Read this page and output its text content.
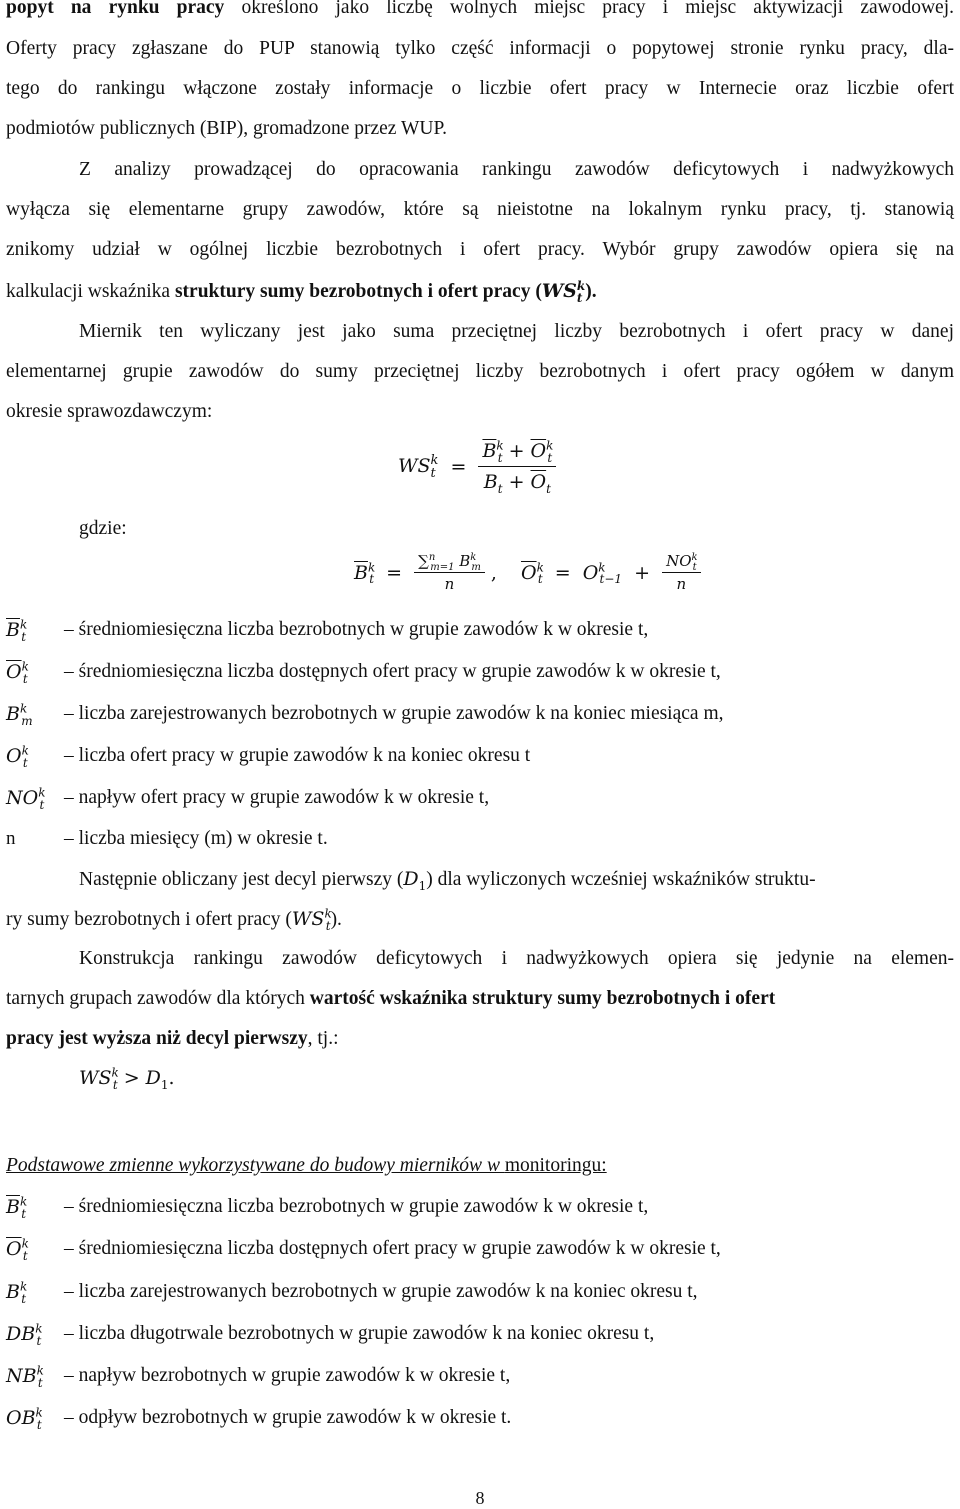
popyt na rynku pracy określono jako liczbę wolnych miejsc pracy i miejsc aktywizacji zawodowej.
Oferty pracy zgłaszane do PUP stanowią tylko część informacji o popytowej stronie rynku pracy, dla-
tego do rankingu włączone zostały informacje o liczbie ofert pracy w Internecie oraz liczbie ofert
podmiotów publicznych (BIP), gromadzone przez WUP.
Z analizy prowadzącej do opracowania rankingu zawodów deficytowych i nadwyżkowych
wyłącza się elementarne grupy zawodów, które są nieistotne na lokalnym rynku pracy, tj. stanowią
znikomy udział w ogólnej liczbie bezrobotnych i ofert pracy. Wybór grupy zawodów opiera się na
kalkulacji wskaźnika struktury sumy bezrobotnych i ofert pracy (WS k
t ).
Miernik ten wyliczany jest jako suma przeciętnej liczby bezrobotnych i ofert pracy w danej
elementarnej grupie zawodów do sumy przeciętnej liczby bezrobotnych i ofert pracy ogółem w danym
okresie sprawozdawczym:
WS k
$t = \frac{\overline{B}^k_t + \overline{O}^k_t}{B_t + \overline{O}_t}$
gdzie:
$\overline{B}^k_t = \frac{\sum^n_{m=1} B^k_m}{n}$ , $\overline{O}^k_t = O^k_{t-1} + \frac{NO^k_t}{n}$
$\overline{B}^k_t$ – średniomiesięczna liczba bezrobotnych w grupie zawodów k w okresie t,
$\overline{O}^k_t$ – średniomiesięczna liczba dostępnych ofert pracy w grupie zawodów k w okresie t,
$B^k_m$ – liczba zarejestrowanych bezrobotnych w grupie zawodów k na koniec miesiąca m,
$O^k_t$ – liczba ofert pracy w grupie zawodów k na koniec okresu t
$NO^k_t$ – napływ ofert pracy w grupie zawodów k w okresie t,
n – liczba miesięcy (m) w okresie t.
Następnie obliczany jest decyl pierwszy $(D_1)$ dla wyliczonych wcześniej wskaźników struktu-
ry sumy bezrobotnych i ofert pracy $(WS^k_t)$.
Konstrukcja rankingu zawodów deficytowych i nadwyżkowych opiera się jedynie na elemen-
tarnych grupach zawodów dla których wartość wskaźnika struktury sumy bezrobotnych i ofert
pracy jest wyższa niż decyl pierwszy, tj.:
$WS^k_t > D_1$.
Podstawowe zmienne wykorzystywane do budowy mierników w monitoringu:
$\overline{B}^k_t$ – średniomiesięczna liczba bezrobotnych w grupie zawodów k w okresie t,
$\overline{O}^k_t$ – średniomiesięczna liczba dostępnych ofert pracy w grupie zawodów k w okresie t,
$B^k_t$ – liczba zarejestrowanych bezrobotnych w grupie zawodów k na koniec okresu t,
$DB^k_t$ – liczba długotrwale bezrobotnych w grupie zawodów k na koniec okresu t,
$NB^k_t$ – napływ bezrobotnych w grupie zawodów k w okresie t,
$OB^k_t$ – odpływ bezrobotnych w grupie zawodów k w okresie t.
8
